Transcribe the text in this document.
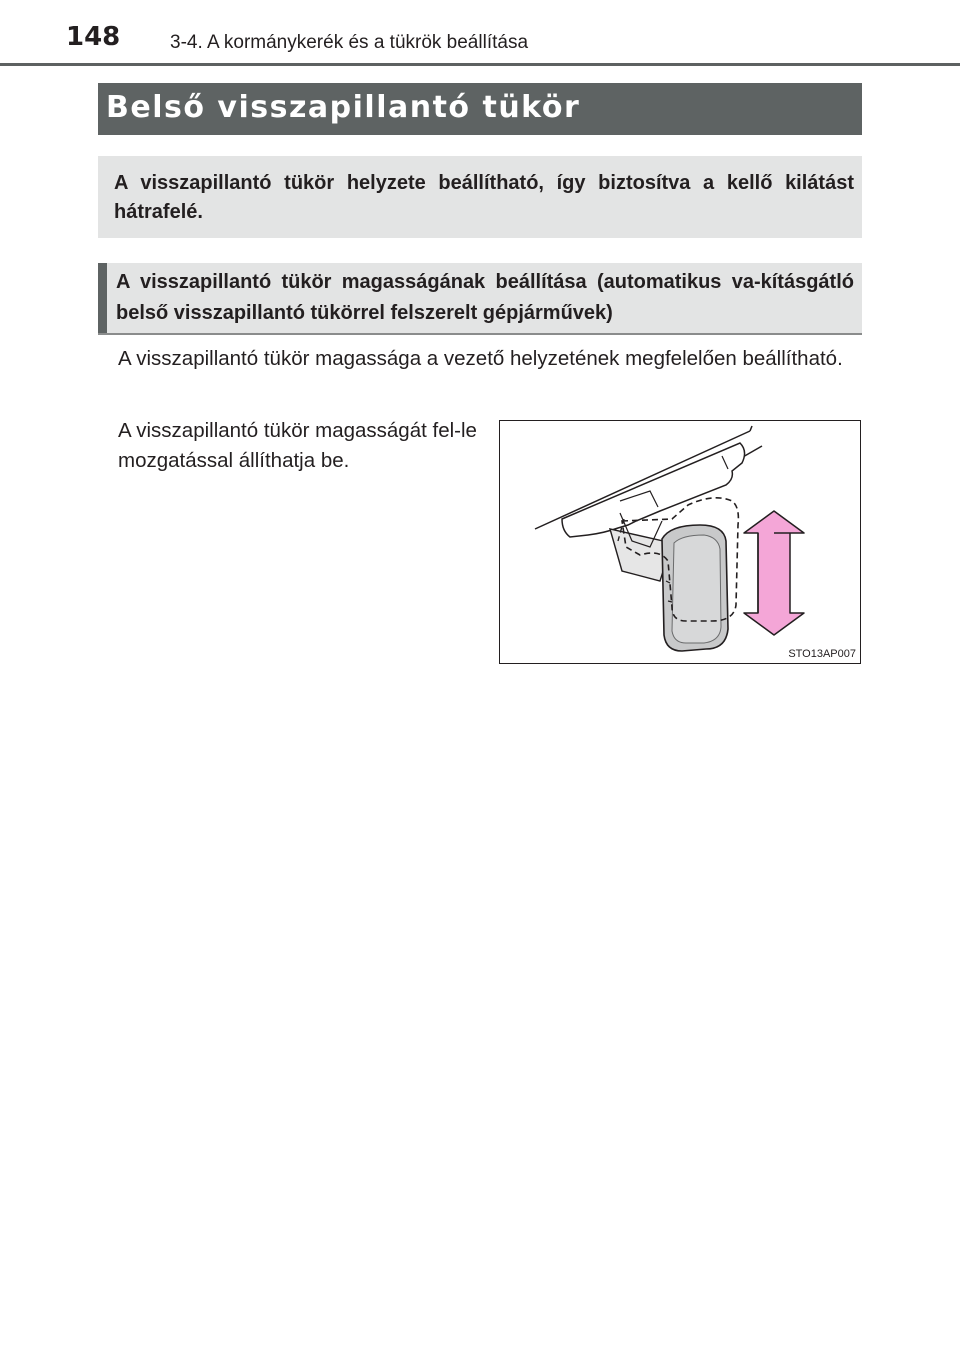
148	3-4. A kormánykerék és a tükrök beállítása
Belső visszapillantó tükör
A visszapillantó tükör helyzete beállítható, így biztosítva a kellő kilátást hátrafelé.
A visszapillantó tükör magasságának beállítása (automatikus va-kításgátló belső visszapillantó tükörrel felszerelt gépjárművek)
A visszapillantó tükör magassága a vezető helyzetének megfelelően beállítható.
A visszapillantó tükör magasságát fel-le mozgatással állíthatja be.
STO13AP007
